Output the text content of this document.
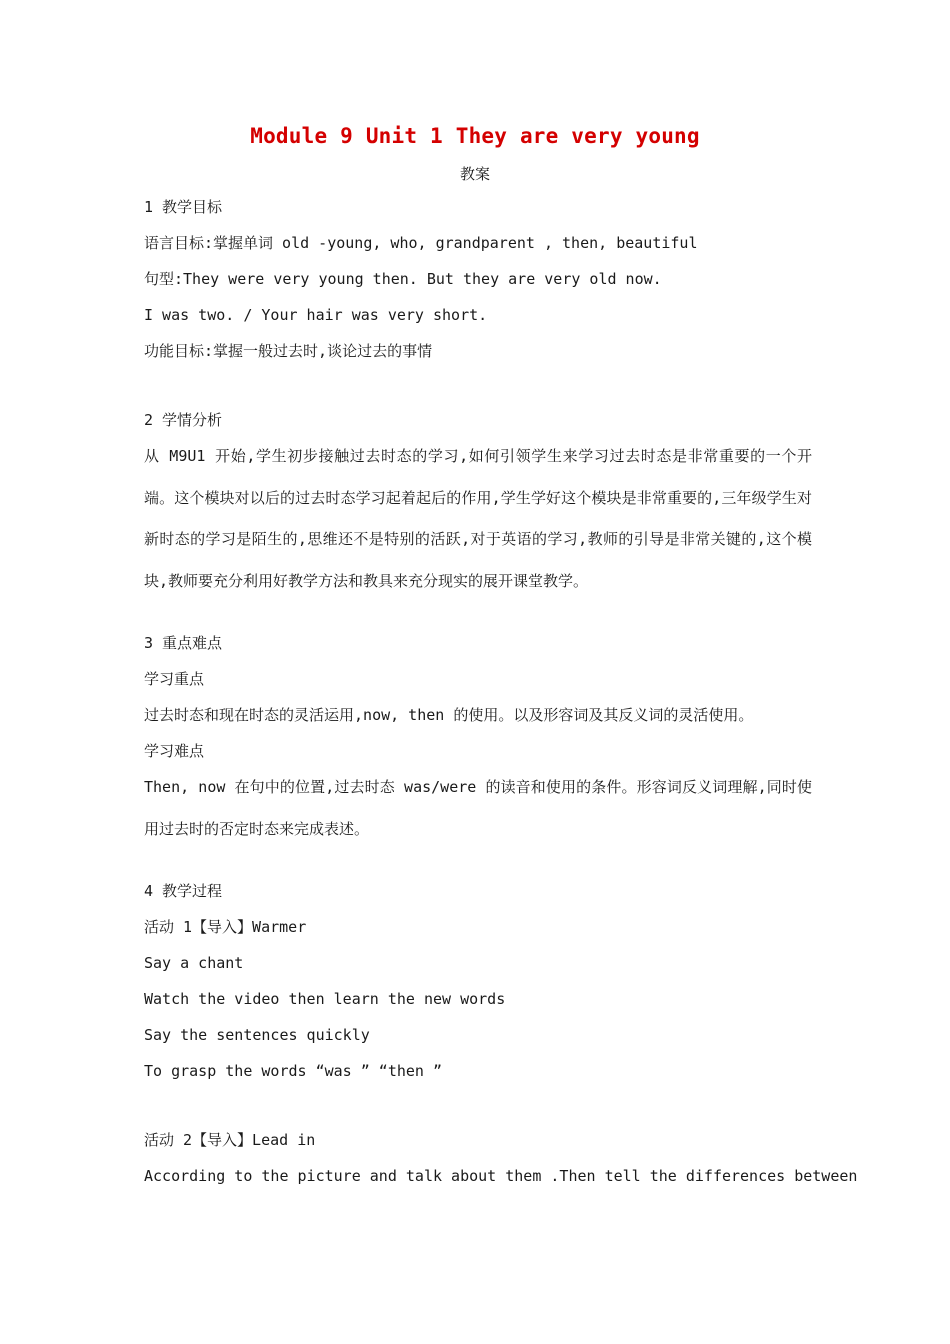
Module 9 Unit 1 They are very young
教案
1 教学目标
语言目标:掌握单词 old -young, who, grandparent , then, beautiful
句型:They were very young then. But they are very old now.
I was two. / Your hair was very short.
功能目标:掌握一般过去时,谈论过去的事情
2 学情分析
从 M9U1 开始,学生初步接触过去时态的学习,如何引领学生来学习过去时态是非常重要的一个开端。这个模块对以后的过去时态学习起着起后的作用,学生学好这个模块是非常重要的,三年级学生对新时态的学习是陌生的,思维还不是特别的活跃,对于英语的学习,教师的引导是非常关键的,这个模块,教师要充分利用好教学方法和教具来充分现实的展开课堂教学。
3 重点难点
学习重点
过去时态和现在时态的灵活运用,now, then 的使用。以及形容词及其反义词的灵活使用。
学习难点
Then, now 在句中的位置,过去时态 was/were 的读音和使用的条件。形容词反义词理解,同时使用过去时的否定时态来完成表述。
4 教学过程
活动 1【导入】Warmer
Say a chant
Watch the video then learn the new words
Say the sentences quickly
To grasp the words “was ” “then ”
活动 2【导入】Lead in
According to the picture and talk about them .Then tell the differences between
